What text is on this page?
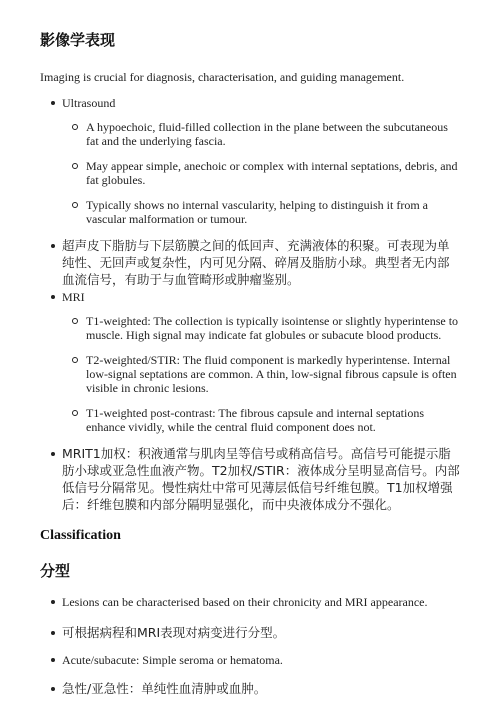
影像学表现

Imaging is crucial for diagnosis, characterisation, and guiding management.

Ultrasound
A hypoechoic, fluid-filled collection in the plane between the subcutaneous fat and the underlying fascia.
May appear simple, anechoic or complex with internal septations, debris, and fat globules.
Typically shows no internal vascularity, helping to distinguish it from a vascular malformation or tumour.
超声皮下脂肪与下层筋膜之间的低回声、充满液体的积聚。可表现为单纯性、无回声或复杂性，内可见分隔、碎屑及脂肪小球。典型者无内部血流信号，有助于与血管畸形或肿瘤鉴别。
MRI
T1-weighted: The collection is typically isointense or slightly hyperintense to muscle. High signal may indicate fat globules or subacute blood products.
T2-weighted/STIR: The fluid component is markedly hyperintense. Internal low-signal septations are common. A thin, low-signal fibrous capsule is often visible in chronic lesions.
T1-weighted post-contrast: The fibrous capsule and internal septations enhance vividly, while the central fluid component does not.
MRIT1加权：积液通常与肌肉呈等信号或稍高信号。高信号可能提示脂肪小球或亚急性血液产物。T2加权/STIR：液体成分呈明显高信号。内部低信号分隔常见。慢性病灶中常可见薄层低信号纤维包膜。T1加权增强后：纤维包膜和内部分隔明显强化，而中央液体成分不强化。
Classification
分型
Lesions can be characterised based on their chronicity and MRI appearance.
可根据病程和MRI表现对病变进行分型。
Acute/subacute: Simple seroma or hematoma.
急性/亚急性：单纯性血清肿或血肿。
